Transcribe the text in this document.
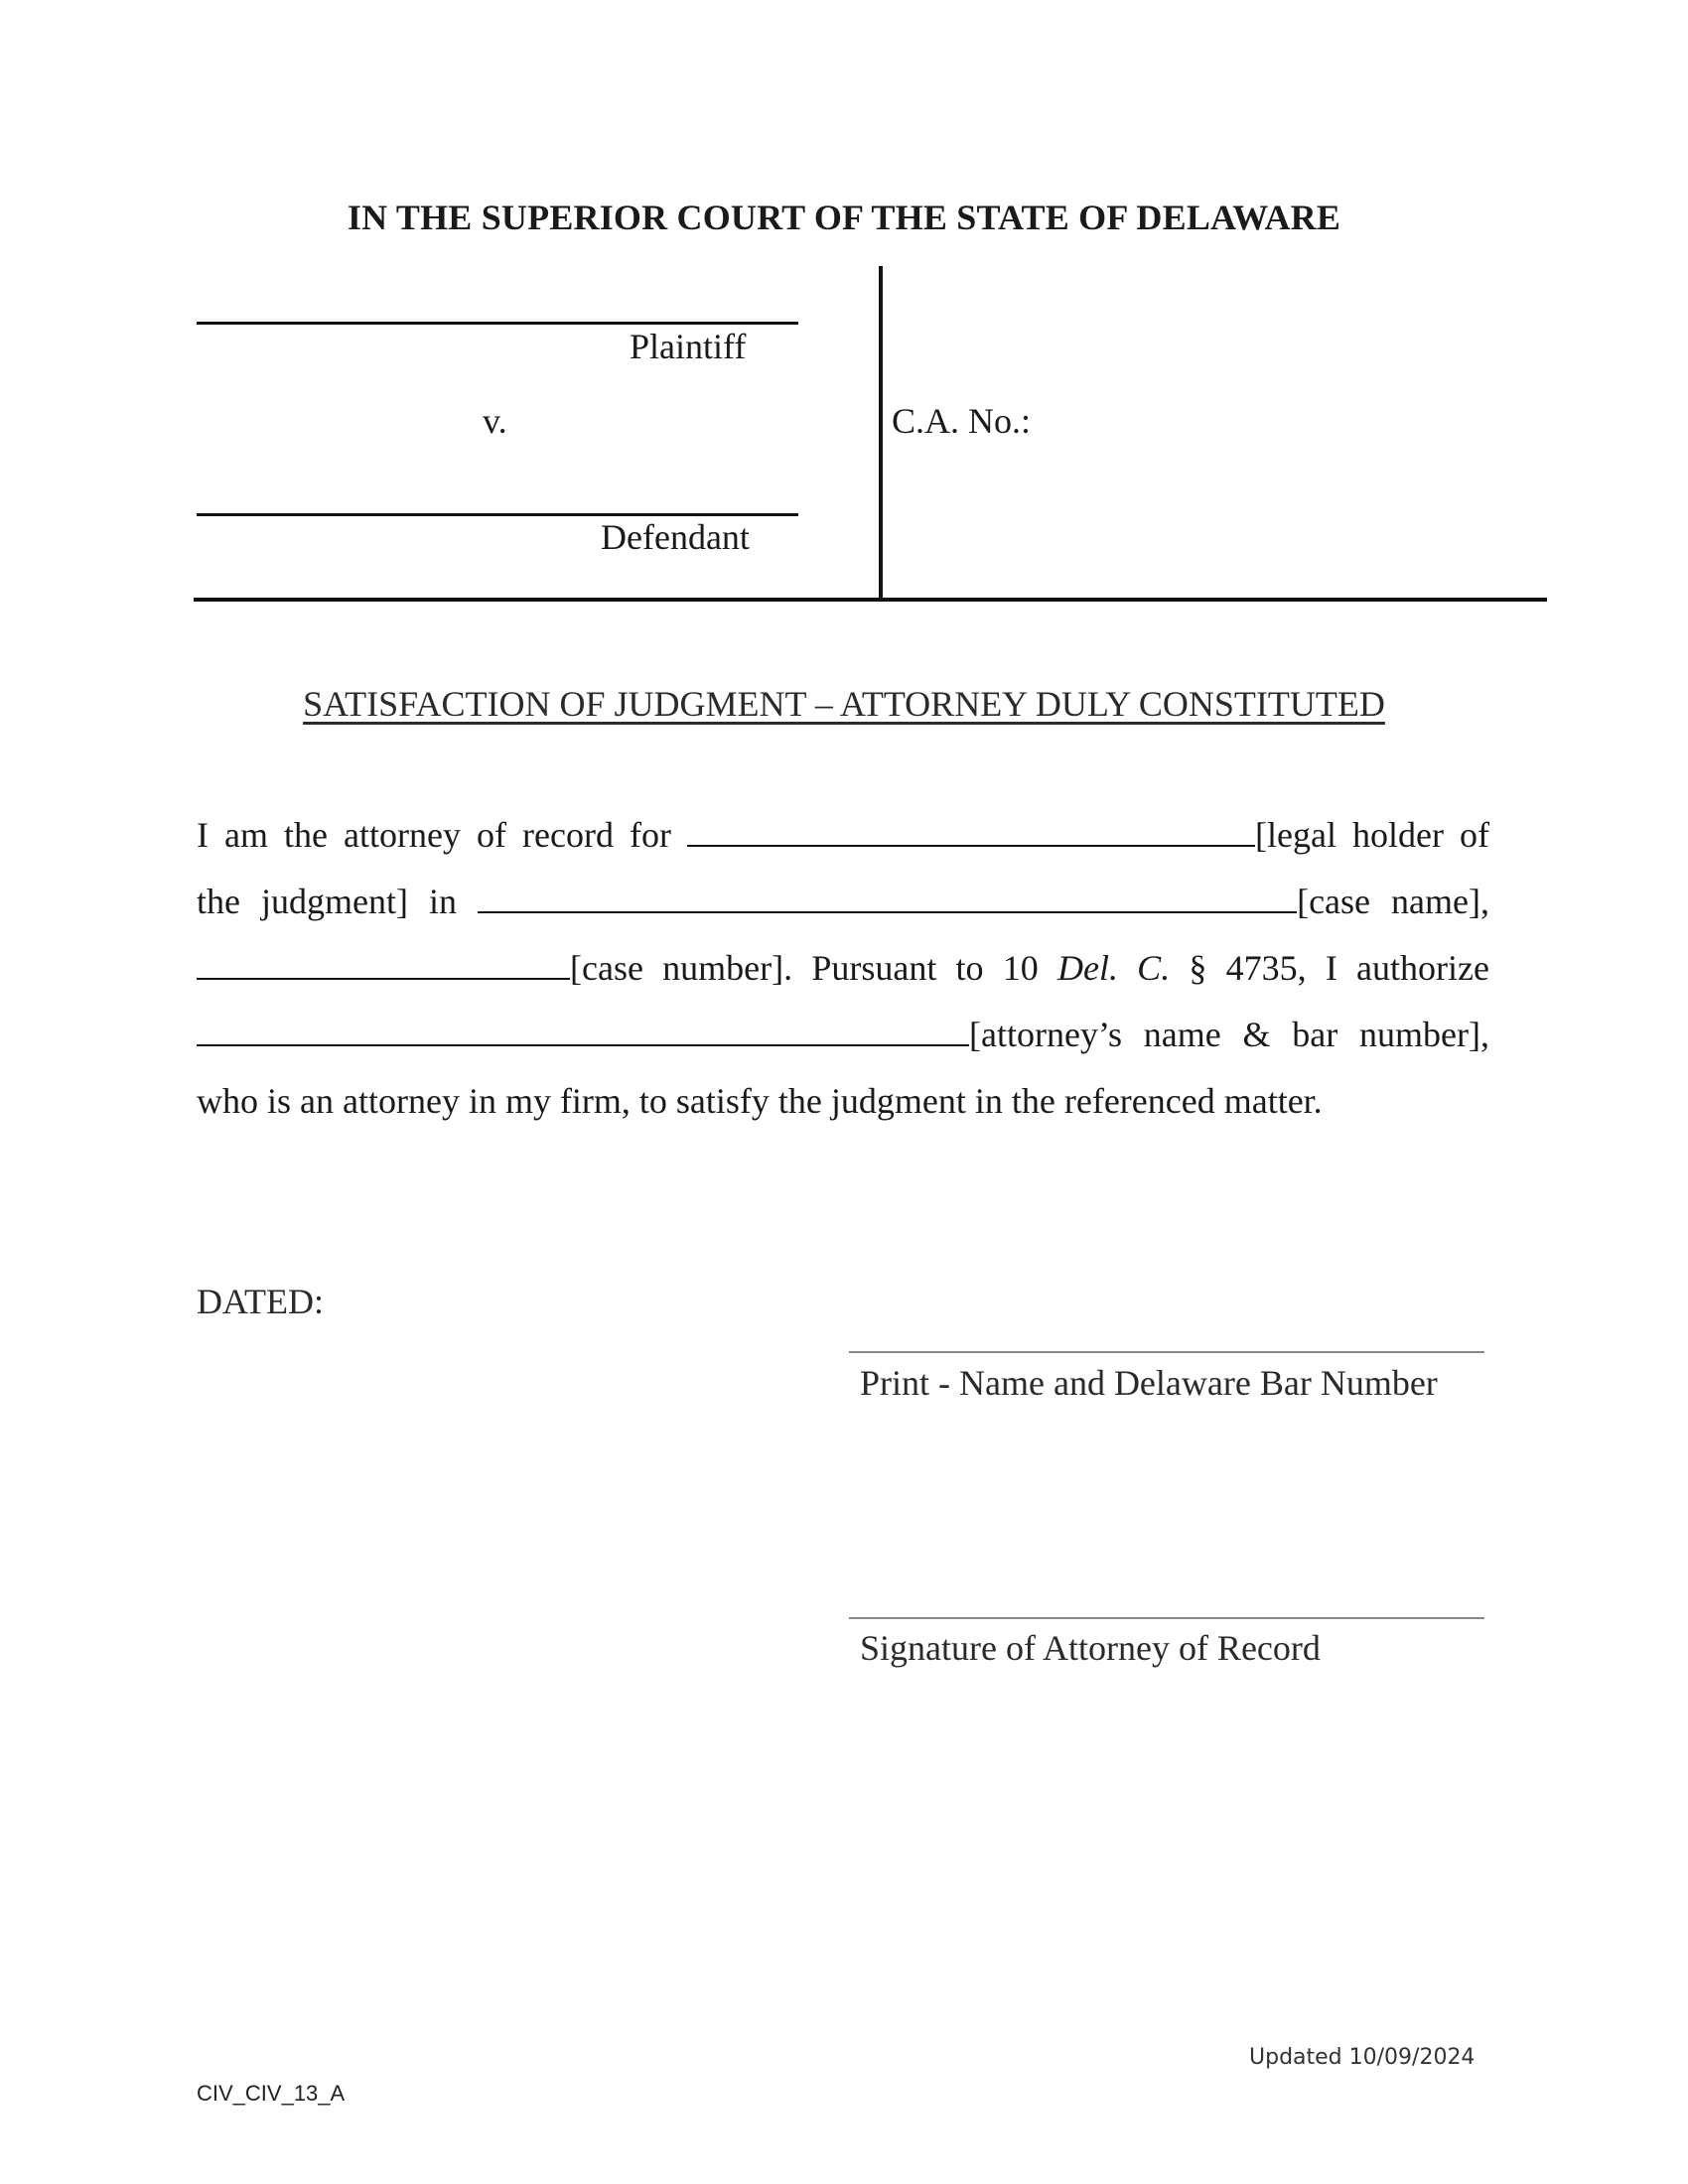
IN THE SUPERIOR COURT OF THE STATE OF DELAWARE
Plaintiff
v.
Defendant
C.A. No.:
SATISFACTION OF JUDGMENT – ATTORNEY DULY CONSTITUTED
I am the attorney of record for	[legal holder of
the judgment] in	[case name],
[case number]. Pursuant to 10 Del. C. § 4735, I authorize
[attorney’s name & bar number],
who is an attorney in my firm, to satisfy the judgment in the referenced matter.
DATED:
Print - Name and Delaware Bar Number
Signature of Attorney of Record
Updated 10/09/2024
CIV_CIV_13_A
